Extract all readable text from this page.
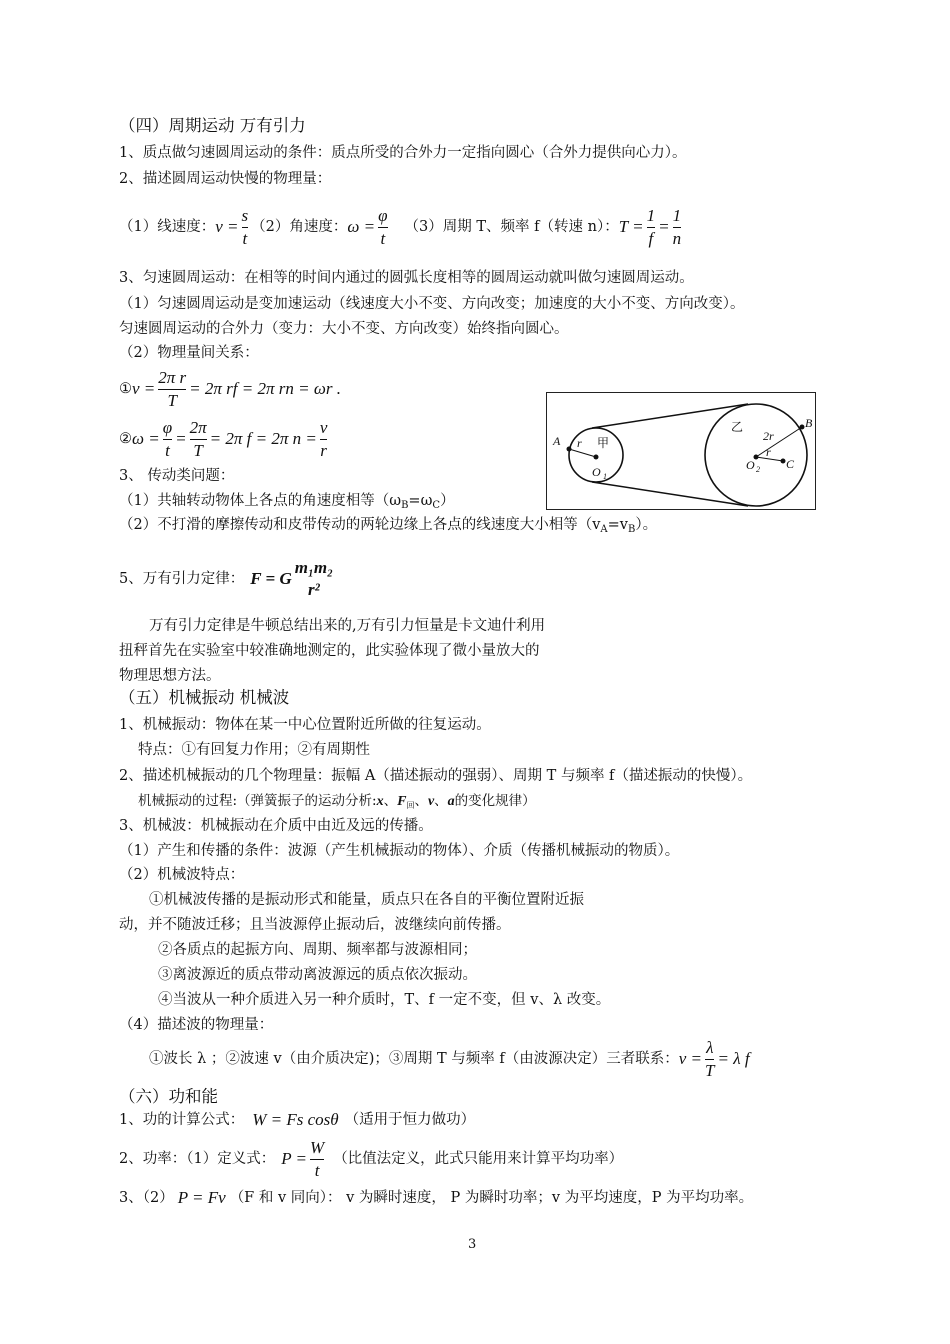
（四）周期运动 万有引力
1、质点做匀速圆周运动的条件：质点所受的合外力一定指向圆心（合外力提供向心力）。
2、描述圆周运动快慢的物理量：
（1）线速度： v =
s
t
（2）角速度： ω =
φ
t
（3）周期 T、频率 f（转速 n）： T =
1
f
=
1
n
3、匀速圆周运动：在相等的时间内通过的圆弧长度相等的圆周运动就叫做匀速圆周运动。
（1）匀速圆周运动是变加速运动（线速度大小不变、方向改变；加速度的大小不变、方向改变）。
匀速圆周运动的合外力（变力：大小不变、方向改变）始终指向圆心。
（2）物理量间关系：
① v =
2π r
T
= 2π rf = 2π rn = ωr .
② ω =
φ
t
=
2π
T
= 2π f = 2π n =
v
r
3、 传动类问题：
（1）共轴转动物体上各点的角速度相等$(\omega_B=\omega_C)$
（2）不打滑的摩擦传动和皮带传动的两轮边缘上各点的线速度大小相等$(v_A=v_B)$。
A r
O 1
B
2r
r
O 2 C
甲
乙
5、万有引力定律： F = G
m₁m₂
r²
万有引力定律是牛顿总结出来的,万有引力恒量是卡文迪什利用
扭秤首先在实验室中较准确地测定的，此实验体现了微小量放大的
物理思想方法。
（五）机械振动 机械波
1、机械振动：物体在某一中心位置附近所做的往复运动。
特点：①有回复力作用；②有周期性
2、描述机械振动的几个物理量：振幅 A（描述振动的强弱）、周期 T 与频率 f（描述振动的快慢）。
机械振动的过程:（弹簧振子的运动分析:x、$F_回$、v、a的变化规律）
3、机械波：机械振动在介质中由近及远的传播。
（1）产生和传播的条件：波源（产生机械振动的物体）、介质（传播机械振动的物质）。
（2）机械波特点：
①机械波传播的是振动形式和能量，质点只在各自的平衡位置附近振
动，并不随波迁移；且当波源停止振动后，波继续向前传播。
②各质点的起振方向、周期、频率都与波源相同；
③离波源近的质点带动离波源远的质点依次振动。
④当波从一种介质进入另一种介质时，T、f 一定不变，但 v、λ 改变。
（4）描述波的物理量：
①波长 λ ；②波速 v（由介质决定)；③周期 T 与频率 f（由波源决定）三者联系： v =
λ
T
= λ f
（六）功和能
1、功的计算公式： W = Fs cosθ （适用于恒力做功）
2、功率：（1）定义式： P =
W
t
（比值法定义，此式只能用来计算平均功率）
3、（2） P = Fv （F 和 v 同向）： v 为瞬时速度， P 为瞬时功率；v 为平均速度，P 为平均功率。
3
